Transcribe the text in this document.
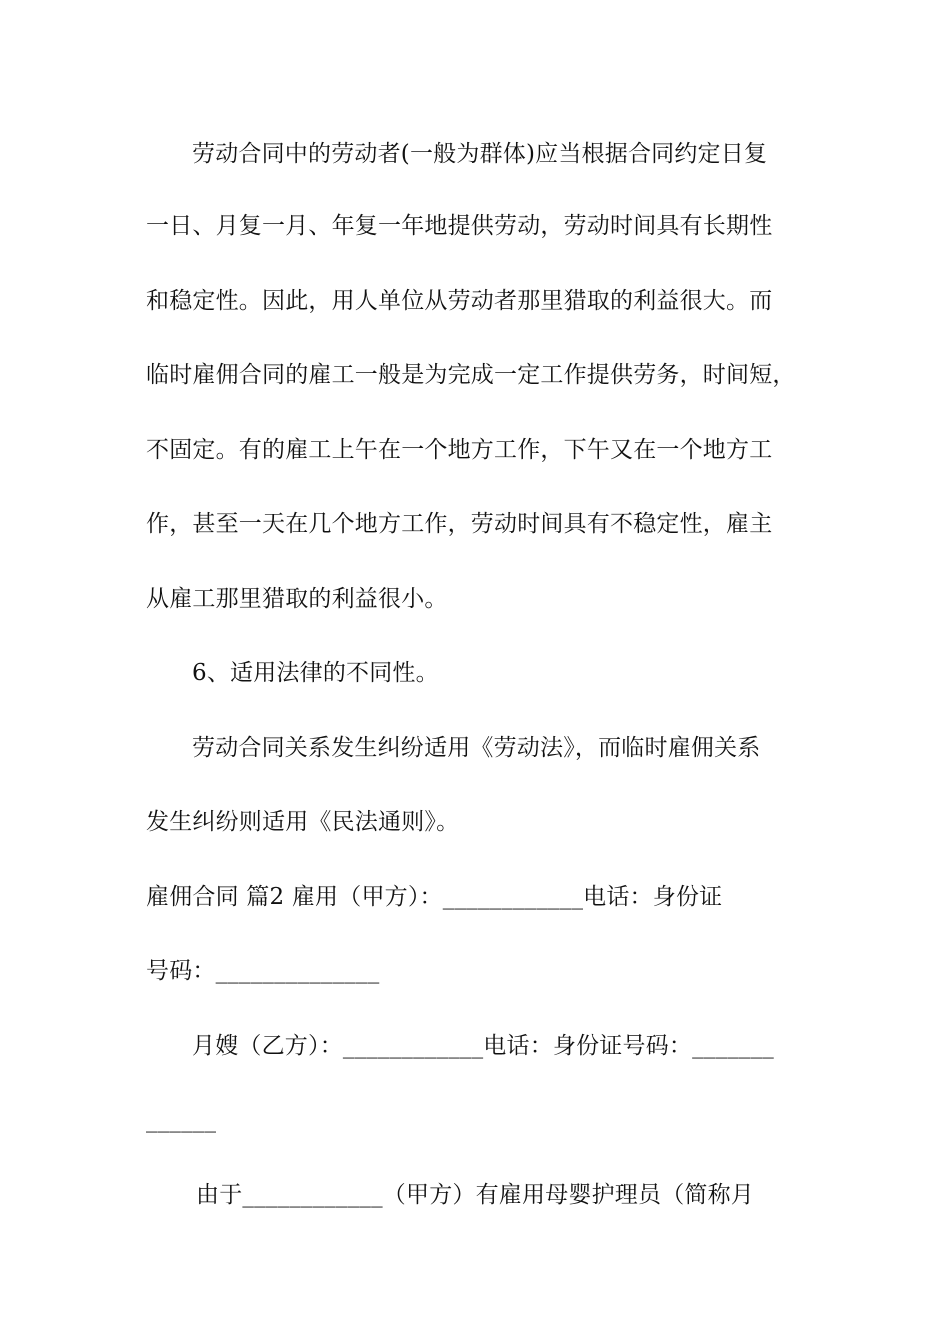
劳动合同中的劳动者(一般为群体)应当根据合同约定日复
一日、月复一月、年复一年地提供劳动，劳动时间具有长期性
和稳定性。因此，用人单位从劳动者那里猎取的利益很大。而
临时雇佣合同的雇工一般是为完成一定工作提供劳务，时间短，
不固定。有的雇工上午在一个地方工作，下午又在一个地方工
作，甚至一天在几个地方工作，劳动时间具有不稳定性，雇主
从雇工那里猎取的利益很小。
6、适用法律的不同性。
劳动合同关系发生纠纷适用《劳动法》，而临时雇佣关系
发生纠纷则适用《民法通则》。
雇佣合同 篇2 雇用（甲方）：____________电话：身份证
号码：______________
月嫂（乙方）：____________电话：身份证号码：_______
______
由于____________（甲方）有雇用母婴护理员（简称月
